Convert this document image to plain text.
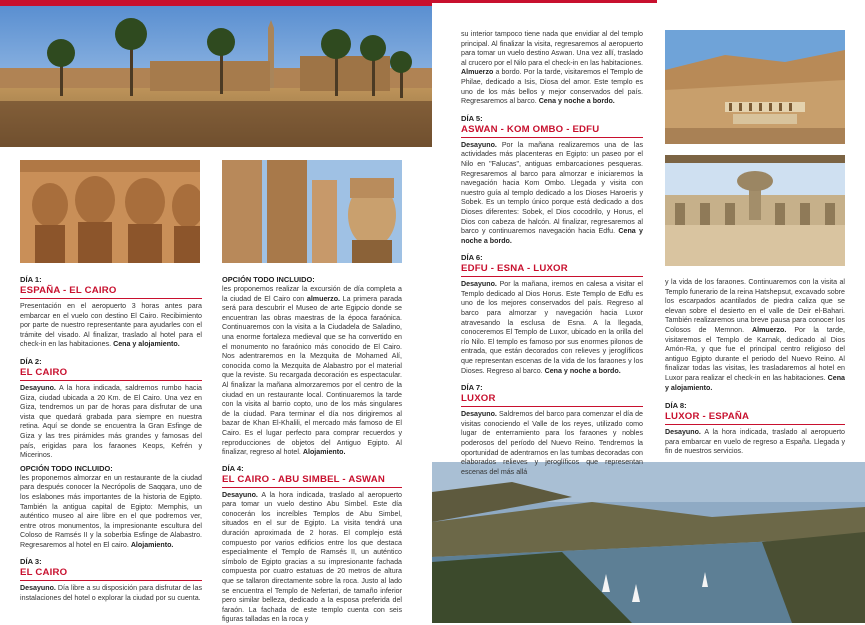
DÍA 1:
ESPAÑA - EL CAIRO
Presentación en el aeropuerto 3 horas antes para embarcar en el vuelo con destino El Cairo. Recibimiento por parte de nuestro representante para ayudarles con el trámite del visado. Al finalizar, traslado al hotel para el check-in en las habitaciones. Cena y alojamiento.
DÍA 2:
EL CAIRO
Desayuno. A la hora indicada, saldremos rumbo hacia Giza, ciudad ubicada a 20 Km. de El Cairo. Una vez en Giza, tendremos un par de horas para disfrutar de una vista que quedará grabada para siempre en nuestra retina. Aquí se donde se encuentra la Gran Esfinge de Giza y las tres pirámides más grandes y famosas del país, erigidas para los faraones Keops, Kefrén y Micerinos.
OPCIÓN TODO INCLUIDO:
les proponemos almorzar en un restaurante de la ciudad para después conocer la Necrópolis de Saqqara, uno de los eslabones más importantes de la historia de Egipto. También la antigua capital de Egipto: Memphis, un auténtico museo al aire libre en el que podremos ver, entre otros monumentos, la impresionante escultura del Coloso de Ramsés II y la soberbia Esfinge de Alabastro. Regresaremos al hotel en El cairo. Alojamiento.
DÍA 3:
EL CAIRO
Desayuno. Día libre a su disposición para disfrutar de las instalaciones del hotel o explorar la ciudad por su cuenta.
OPCIÓN TODO INCLUIDO:
les proponemos realizar la excursión de día completa a la ciudad de El Cairo con almuerzo. La primera parada será para descubrir el Museo de arte Egipcio donde se encuentran las obras maestras de la época faraónica. Continuaremos con la visita a la Ciudadela de Saladino, una enorme fortaleza medieval que se ha convertido en el monumento no faraónico más conocido de El Cairo. Nos adentraremos en la Mezquita de Mohamed Alí, conocida como la Mezquita de Alabastro por el material que la reviste. Su recargada decoración es espectacular. Al finalizar la mañana almorzaremos por el centro de la ciudad en un restaurante local. Continuaremos la tarde con la visita al barrio copto, uno de los más singulares de la ciudad. Para terminar el día nos dirigiremos al bazar de Khan El-Khalili, el mercado más famoso de El Cairo. Es el lugar perfecto para comprar recuerdos y reproducciones de objetos del Antiguo Egipto. Al finalizar, regreso al hotel. Alojamiento.
DÍA 4:
EL CAIRO - ABU SIMBEL - ASWAN
Desayuno. A la hora indicada, traslado al aeropuerto para tomar un vuelo destino Abu Simbel. Este día conocerán los increíbles Templos de Abu Simbel, situados en el sur de Egipto. La visita tendrá una duración aproximada de 2 horas. El complejo está compuesto por varios edificios entre los que destaca especialmente el Templo de Ramsés II, un auténtico símbolo de Egipto gracias a su impresionante fachada compuesta por cuatro estatuas de 20 metros de altura que se tallaron directamente sobre la roca. Justo al lado se encuentra el Templo de Nefertari, de tamaño inferior pero similar belleza, dedicado a la esposa preferida del faraón. La fachada de este templo cuenta con seis figuras talladas en la roca y
su interior tampoco tiene nada que envidiar al del templo principal. Al finalizar la visita, regresaremos al aeropuerto para tomar un vuelo destino Aswan. Una vez allí, traslado al crucero por el Nilo para el check-in en las habitaciones. Almuerzo a bordo. Por la tarde, visitaremos el Templo de Philae, dedicado a Isis, Diosa del amor. Este templo es uno de los más bellos y mejor conservados del país. Regresaremos al barco. Cena y noche a bordo.
DÍA 5:
ASWAN - KOM OMBO - EDFU
Desayuno. Por la mañana realizaremos una de las actividades más placenteras en Egipto: un paseo por el Nilo en "Falucas", antiguas embarcaciones pesqueras. Regresaremos al barco para almorzar e iniciaremos la navegación hacia Kom Ombo. Llegada y visita con nuestro guía al templo dedicado a los Dioses Haroeris y Sobek. Es un templo único porque está dedicado a dos Dioses diferentes: Sobek, el Dios cocodrilo, y Horus, el Dios con cabeza de halcón. Al finalizar, regresaremos al barco y continuaremos navegación hacia Edfu. Cena y noche a bordo.
DÍA 6:
EDFU - ESNA - LUXOR
Desayuno. Por la mañana, iremos en calesa a visitar el Templo dedicado al Dios Horus. Este Templo de Edfu es uno de los mejores conservados del país. Regreso al barco para almorzar y navegación hacia Luxor atravesando la esclusa de Esna. A la llegada, conoceremos El Templo de Luxor, ubicado en la orilla del río Nilo. El templo es famoso por sus enormes pilonos de entrada, que están decorados con relieves y jeroglíficos que representan escenas de la vida de los faraones y los Dioses. Regreso al barco. Cena y noche a bordo.
DÍA 7:
LUXOR
Desayuno. Saldremos del barco para comenzar el día de visitas conociendo el Valle de los reyes, utilizado como lugar de enterramiento para los faraones y nobles poderosos del período del Nuevo Reino. Tendremos la oportunidad de adentrarnos en las tumbas decoradas con elaborados relieves y jeroglíficos que representan escenas del más allá
y la vida de los faraones. Continuaremos con la visita al Templo funerario de la reina Hatshepsut, excavado sobre los escarpados acantilados de piedra caliza que se elevan sobre el desierto en el valle de Deir el-Bahari. También realizaremos una breve pausa para conocer los Colosos de Memnon. Almuerzo. Por la tarde, visitaremos el Templo de Karnak, dedicado al Dios Amón-Ra, y que fue el principal centro religioso del antiguo Egipto durante el periodo del Nuevo Reino. Al finalizar todas las visitas, les trasladaremos al hotel en Luxor para realizar el check-in en las habitaciones. Cena y alojamiento.
DÍA 8:
LUXOR - ESPAÑA
Desayuno. A la hora indicada, traslado al aeropuerto para embarcar en vuelo de regreso a España. Llegada y fin de nuestros servicios.
